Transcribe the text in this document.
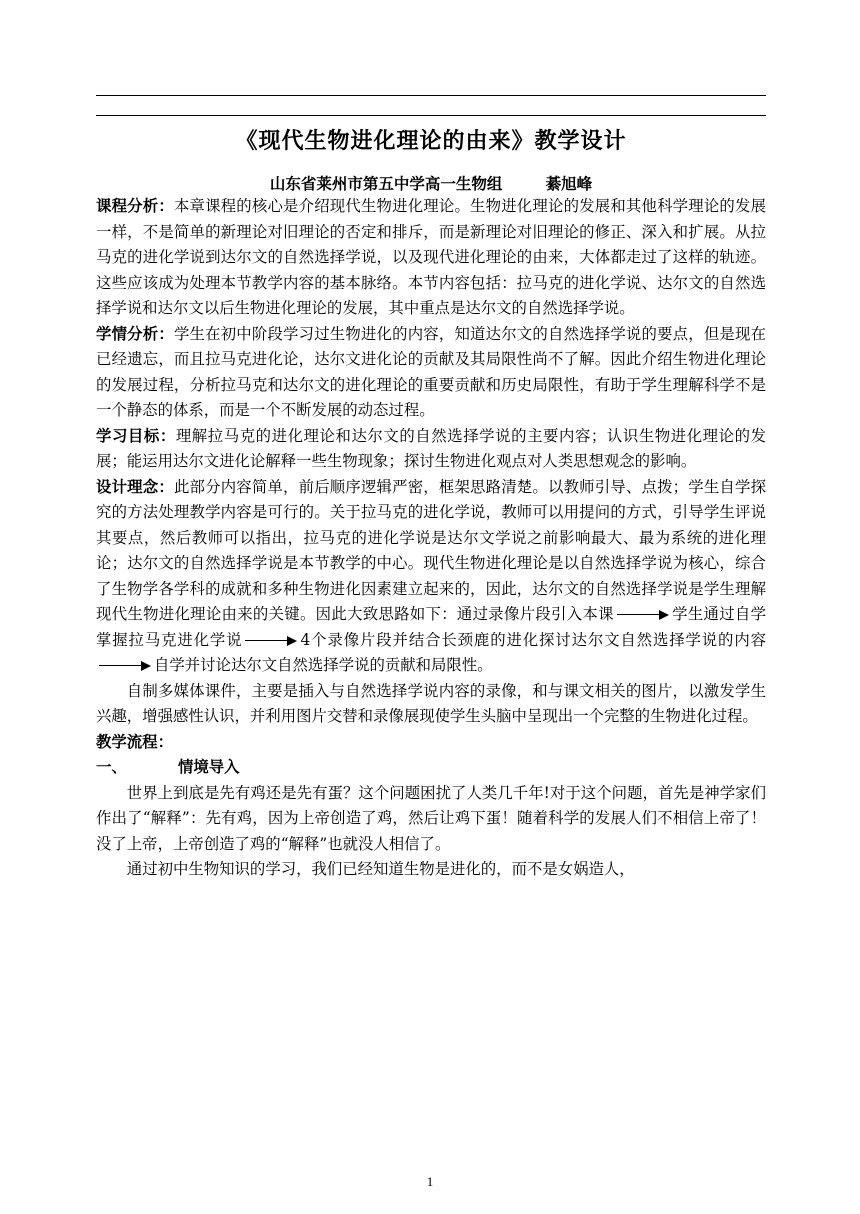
《现代生物进化理论的由来》教学设计
山东省莱州市第五中学高一生物组        綦旭峰

课程分析：本章课程的核心是介绍现代生物进化理论。生物进化理论的发展和其他科学理论的发展一样，不是简单的新理论对旧理论的否定和排斥，而是新理论对旧理论的修正、深入和扩展。从拉马克的进化学说到达尔文的自然选择学说，以及现代进化理论的由来，大体都走过了这样的轨迹。这些应该成为处理本节教学内容的基本脉络。本节内容包括：拉马克的进化学说、达尔文的自然选择学说和达尔文以后生物进化理论的发展，其中重点是达尔文的自然选择学说。

学情分析：学生在初中阶段学习过生物进化的内容，知道达尔文的自然选择学说的要点，但是现在已经遗忘，而且拉马克进化论，达尔文进化论的贡献及其局限性尚不了解。因此介绍生物进化理论的发展过程，分析拉马克和达尔文的进化理论的重要贡献和历史局限性，有助于学生理解科学不是一个静态的体系，而是一个不断发展的动态过程。

学习目标：理解拉马克的进化理论和达尔文的自然选择学说的主要内容；认识生物进化理论的发展；能运用达尔文进化论解释一些生物现象；探讨生物进化观点对人类思想观念的影响。

设计理念：此部分内容简单，前后顺序逻辑严密，框架思路清楚。以教师引导、点拨；学生自学探究的方法处理教学内容是可行的。关于拉马克的进化学说，教师可以用提问的方式，引导学生评说其要点，然后教师可以指出，拉马克的进化学说是达尔文学说之前影响最大、最为系统的进化理论；达尔文的自然选择学说是本节教学的中心。现代生物进化理论是以自然选择学说为核心，综合了生物学各学科的成就和多种生物进化因素建立起来的，因此，达尔文的自然选择学说是学生理解现代生物进化理论由来的关键。因此大致思路如下：通过录像片段引入本课	学生通过自学掌握拉马克进化学说	4个录像片段并结合长颈鹿的进化探讨达尔文自然选择学说的内容自学并讨论达尔文自然选择学说的贡献和局限性。

自制多媒体课件，主要是插入与自然选择学说内容的录像，和与课文相关的图片，以激发学生兴趣，增强感性认识，并利用图片交替和录像展现使学生头脑中呈现出一个完整的生物进化过程。

教学流程：

一、	情境导入

世界上到底是先有鸡还是先有蛋？这个问题困扰了人类几千年!对于这个问题，首先是神学家们作出了“解释”：先有鸡，因为上帝创造了鸡，然后让鸡下蛋！随着科学的发展人们不相信上帝了！没了上帝，上帝创造了鸡的“解释”也就没人相信了。

通过初中生物知识的学习，我们已经知道生物是进化的，而不是女娲造人，

1
